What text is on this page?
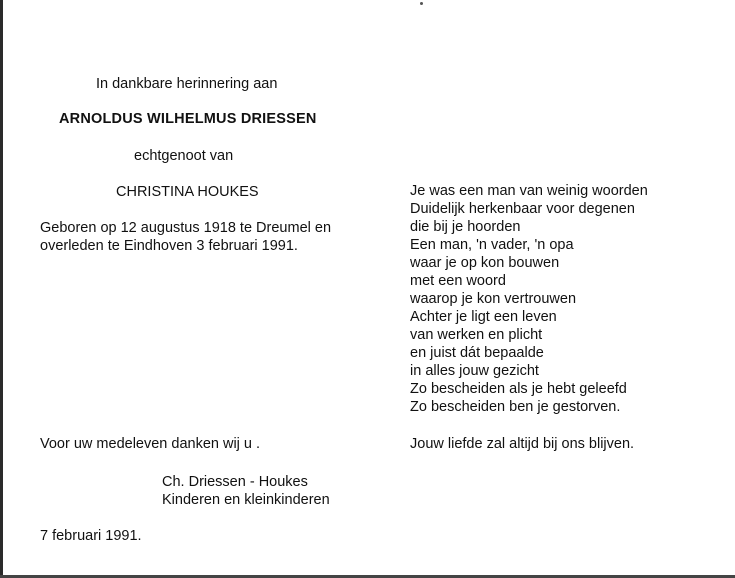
In dankbare herinnering aan
ARNOLDUS WILHELMUS DRIESSEN
echtgenoot van
CHRISTINA HOUKES
Geboren op 12 augustus 1918 te Dreumel en
overleden te Eindhoven 3 februari 1991.
Voor uw medeleven danken wij u .
Ch. Driessen - Houkes
Kinderen en kleinkinderen
7 februari 1991.
Je was een man van weinig woorden
Duidelijk herkenbaar voor degenen
die bij je hoorden
Een man, 'n vader, 'n opa
waar je op kon bouwen
met een woord
waarop je kon vertrouwen
Achter je ligt een leven
van werken en plicht
en juist dát bepaalde
in alles jouw gezicht
Zo bescheiden als je hebt geleefd
Zo bescheiden ben je gestorven.
Jouw liefde zal altijd bij ons blijven.
